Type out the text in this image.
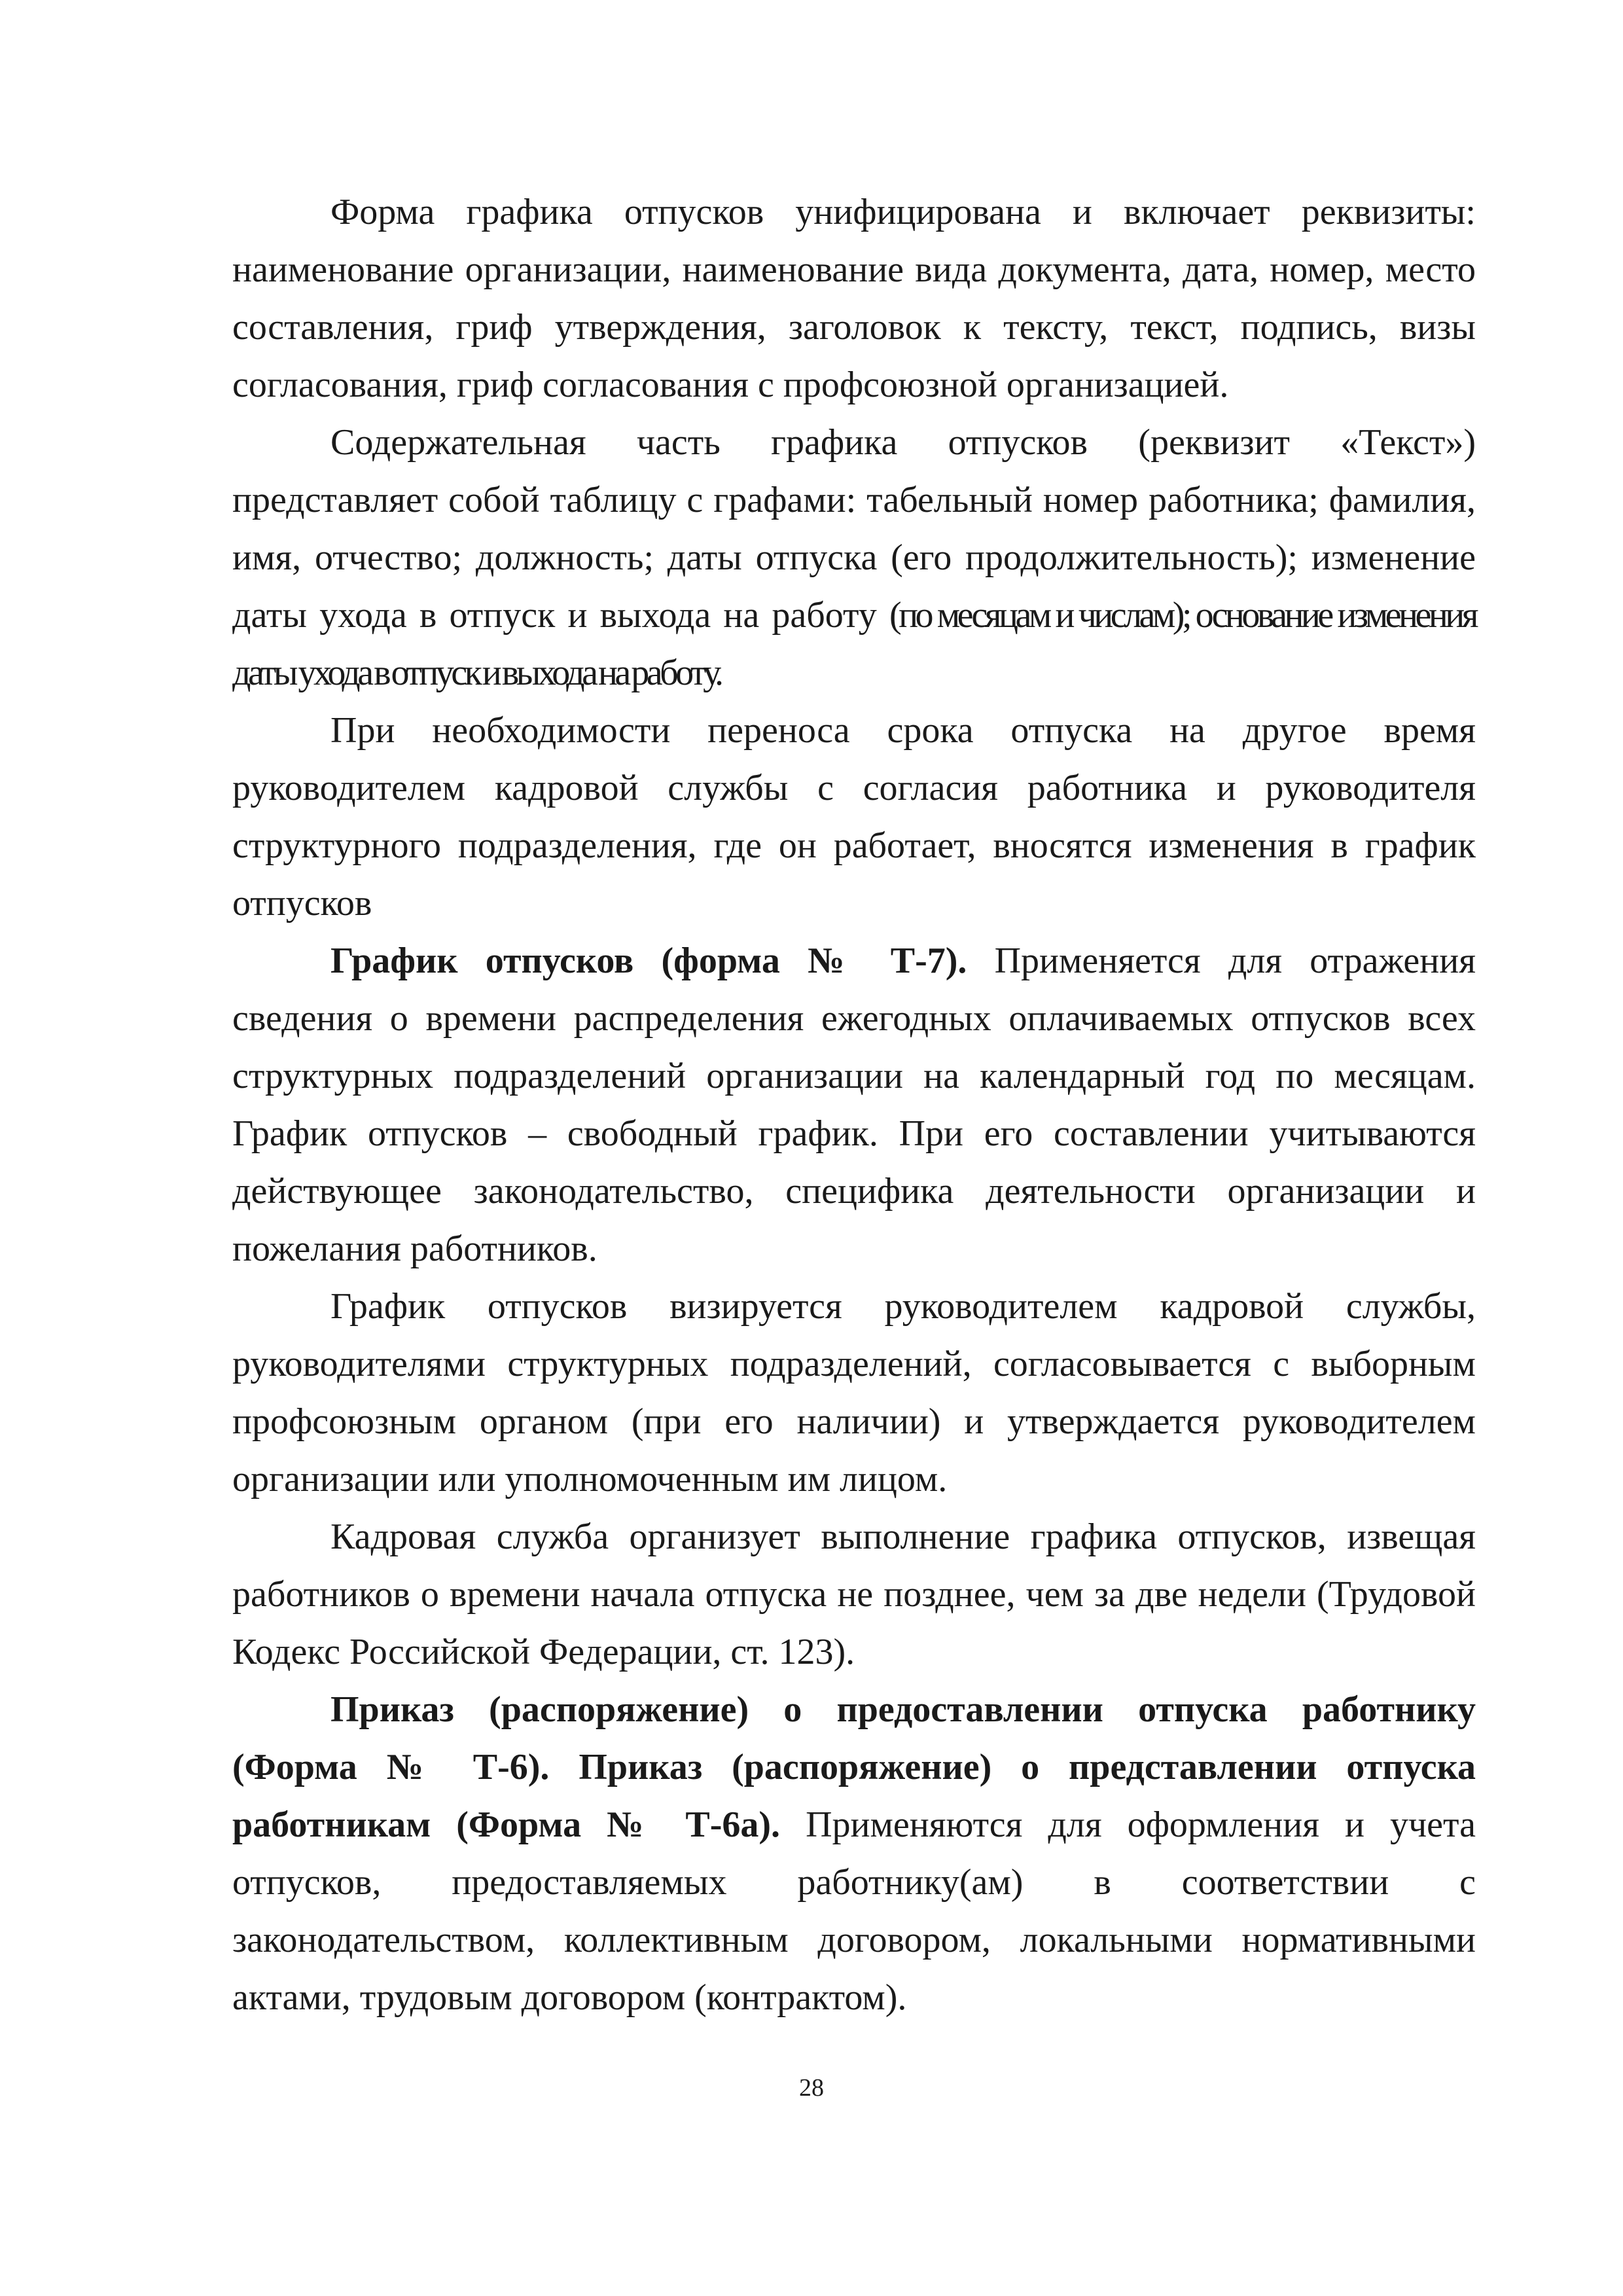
Форма графика отпусков унифицирована и включает реквизиты: наименование организации, наименование вида документа, дата, номер, место составления, гриф утверждения, заголовок к тексту, текст, подпись, визы согласования, гриф согласования с профсоюзной организацией.

Содержательная часть графика отпусков (реквизит «Текст») представляет собой таблицу с графами: табельный номер работника; фамилия, имя, отчество; должность; даты отпуска (его продолжительность); изменение даты ухода в отпуск и выхода на работу (по месяцам и числам); основание изменения даты ухода в отпуск и выхода на работу.

При необходимости переноса срока отпуска на другое время руководителем кадровой службы с согласия работника и руководителя структурного подразделения, где он работает, вносятся изменения в график отпусков

График отпусков (форма № Т-7). Применяется для отражения сведения о времени распределения ежегодных оплачиваемых отпусков всех структурных подразделений организации на календарный год по месяцам. График отпусков – свободный график. При его составлении учитываются действующее законодательство, специфика деятельности организации и пожелания работников.

График отпусков визируется руководителем кадровой службы, руководителями структурных подразделений, согласовывается с выборным профсоюзным органом (при его наличии) и утверждается руководителем организации или уполномоченным им лицом.

Кадровая служба организует выполнение графика отпусков, извещая работников о времени начала отпуска не позднее, чем за две недели (Трудовой Кодекс Российской Федерации, ст. 123).

Приказ (распоряжение) о предоставлении отпуска работнику (Форма № Т-6). Приказ (распоряжение) о представлении отпуска работникам (Форма № Т-6а). Применяются для оформления и учета отпусков, предоставляемых работнику(ам) в соответствии с законодательством, коллективным договором, локальными нормативными актами, трудовым договором (контрактом).

28
